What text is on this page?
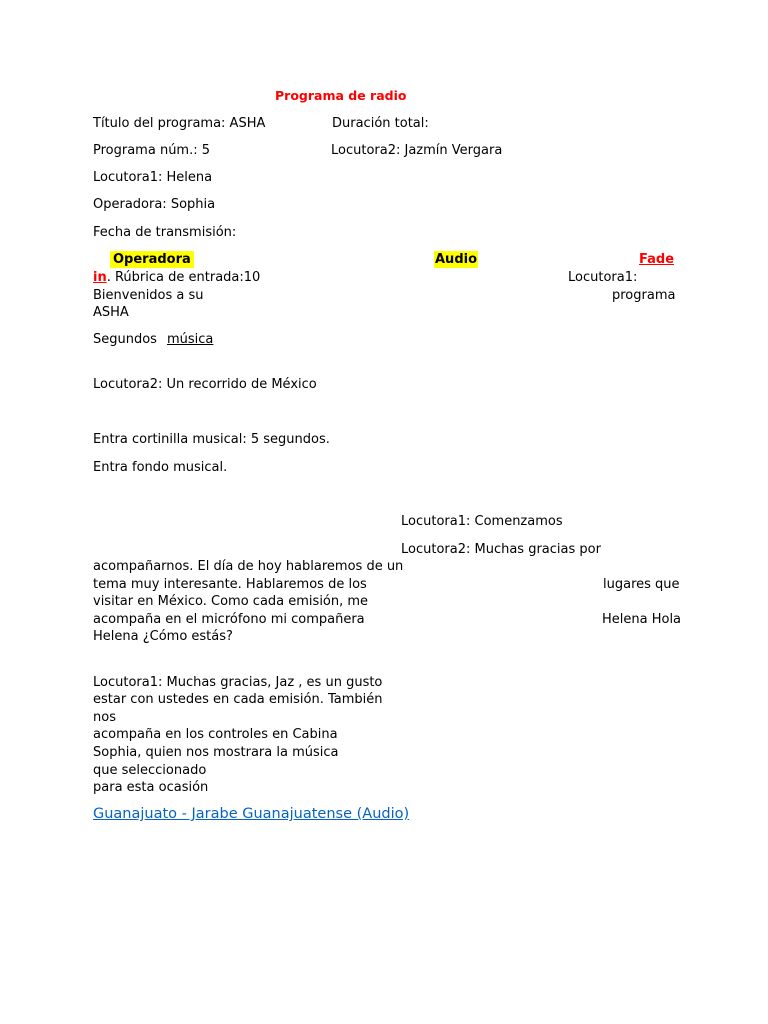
Programa de radio
Título del programa: ASHA	Duración total:
Programa núm.: 5	Locutora2: Jazmín Vergara
Locutora1: Helena
Operadora: Sophia
Fecha de transmisión:
Operadora	Audio	Fade
in. Rúbrica de entrada:10	Locutora1:
Bienvenidos a su	programa
ASHA
Segundos música
Locutora2: Un recorrido de México
Entra cortinilla musical: 5 segundos.
Entra fondo musical.
Locutora1: Comenzamos
Locutora2: Muchas gracias por
acompañarnos. El día de hoy hablaremos de un
tema muy interesante. Hablaremos de los	lugares que
visitar en México. Como cada emisión, me
acompaña en el micrófono mi compañera	Helena Hola
Helena ¿Cómo estás?
Locutora1: Muchas gracias, Jaz , es un gusto
estar con ustedes en cada emisión. También
nos
acompaña en los controles en Cabina
Sophia, quien nos mostrara la música
que seleccionado
para esta ocasión
Guanajuato - Jarabe Guanajuatense (Audio)
